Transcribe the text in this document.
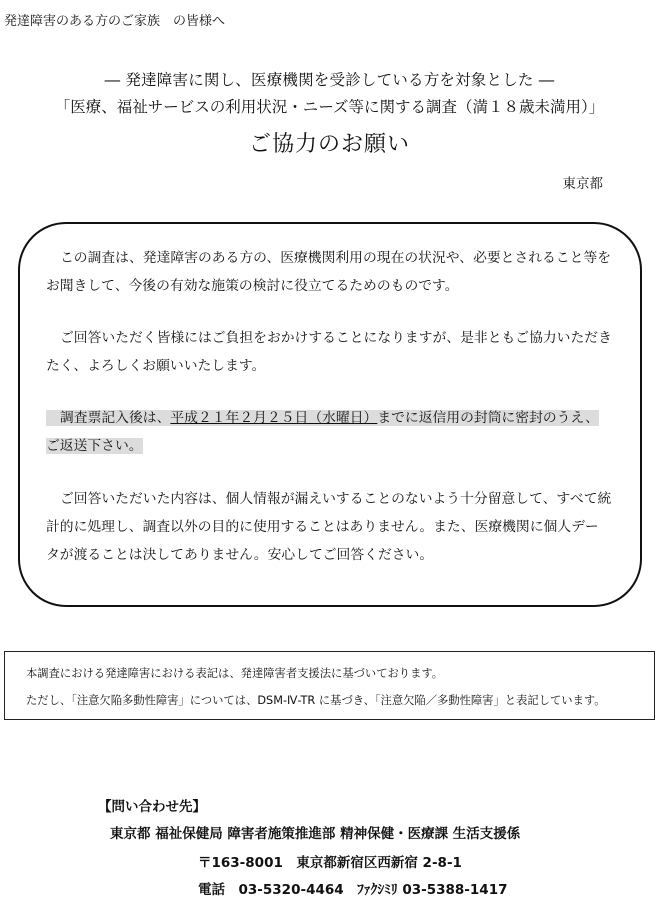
発達障害のある方のご家族　の皆様へ
― 発達障害に関し、医療機関を受診している方を対象とした ―
「医療、福祉サービスの利用状況・ニーズ等に関する調査（満１８歳未満用）」
ご協力のお願い
東京都
この調査は、発達障害のある方の、医療機関利用の現在の状況や、必要とされること等をお聞きして、今後の有効な施策の検討に役立てるためのものです。
ご回答いただく皆様にはご負担をおかけすることになりますが、是非ともご協力いただきたく、よろしくお願いいたします。
調査票記入後は、平成２１年２月２５日（水曜日）までに返信用の封筒に密封のうえ、ご返送下さい。
ご回答いただいた内容は、個人情報が漏えいすることのないよう十分留意して、すべて統計的に処理し、調査以外の目的に使用することはありません。また、医療機関に個人データが渡ることは決してありません。安心してご回答ください。
本調査における発達障害における表記は、発達障害者支援法に基づいております。
ただし、「注意欠陥多動性障害」については、DSM-Ⅳ-TR に基づき、「注意欠陥／多動性障害」と表記しています。
【問い合わせ先】
東京都 福祉保健局 障害者施策推進部 精神保健・医療課 生活支援係
〒163-8001　東京都新宿区西新宿 2-8-1
電話　03-5320-4464　ﾌｧｸｼﾐﾘ 03-5388-1417
